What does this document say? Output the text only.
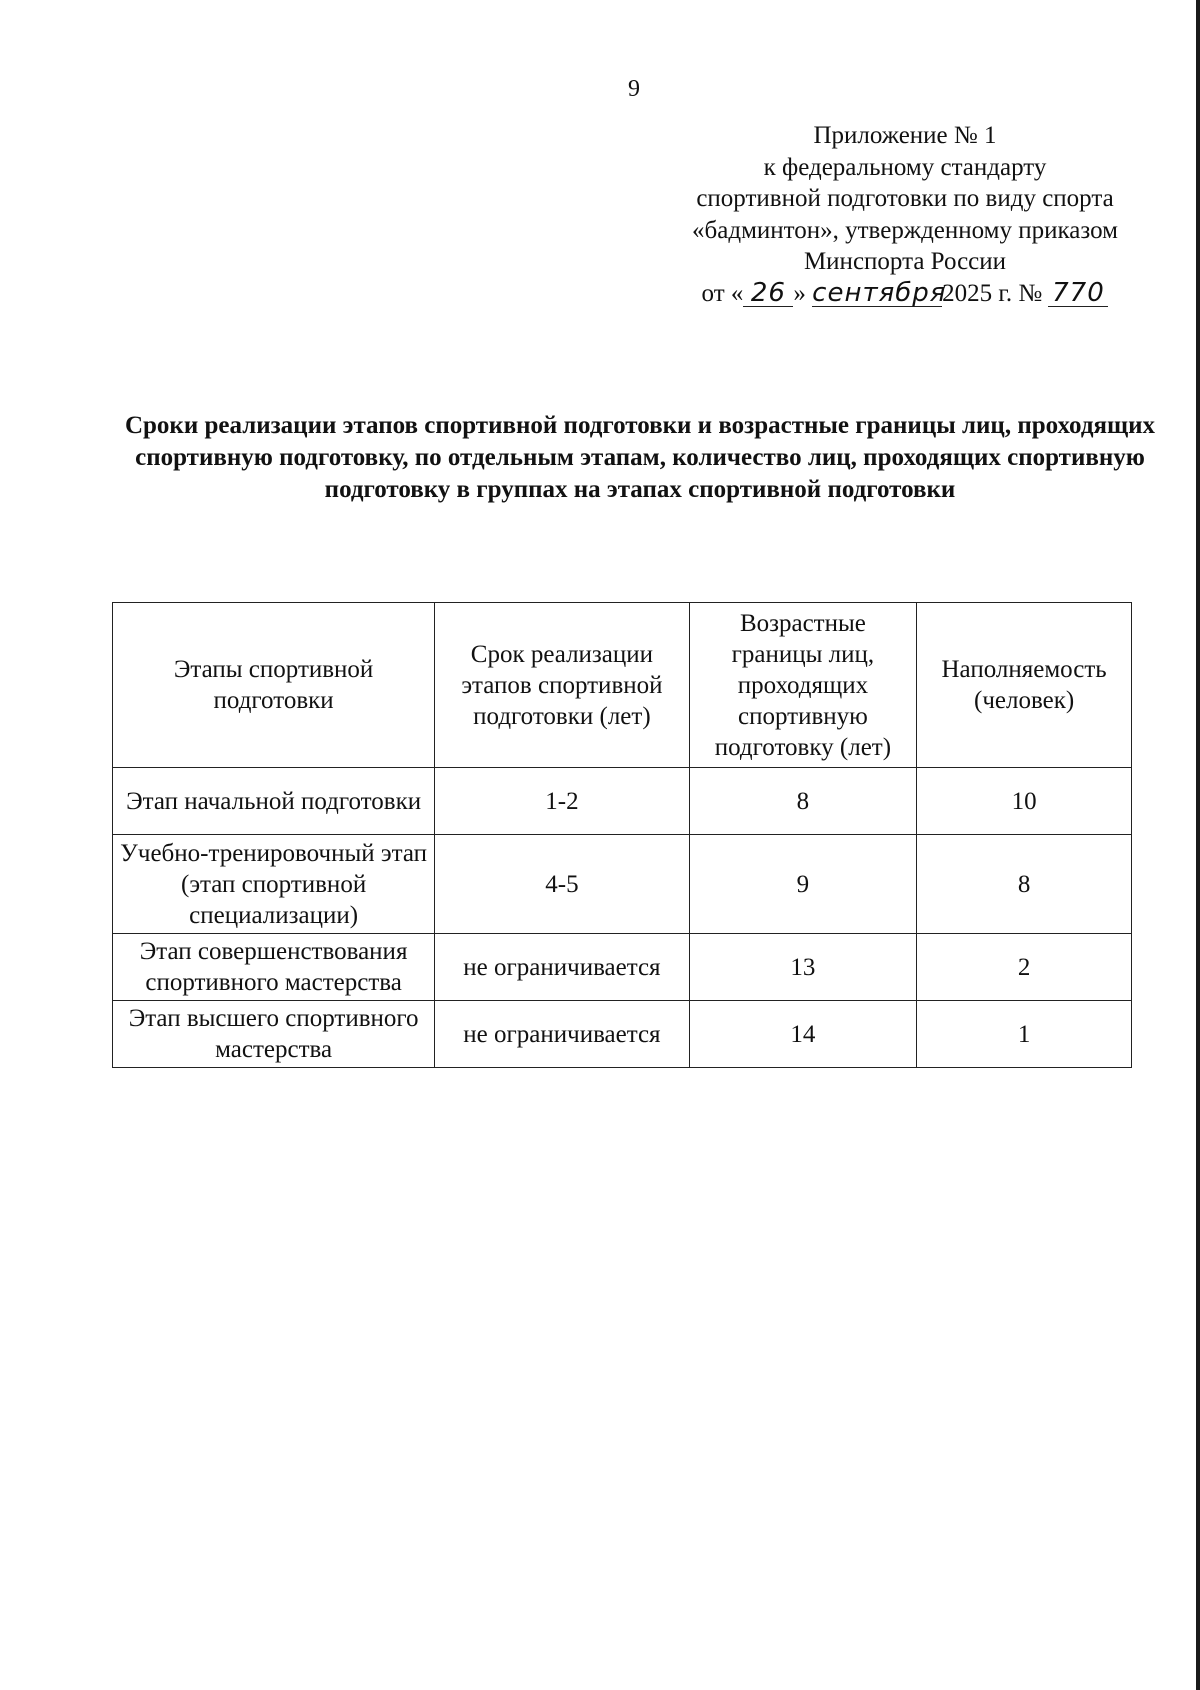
9
Приложение № 1
к федеральному стандарту
спортивной подготовки по виду спорта
«бадминтон», утвержденному приказом
Минспорта России
от « 26 » сентября2025 г. № 770
Сроки реализации этапов спортивной подготовки и возрастные границы лиц, проходящих спортивную подготовку, по отдельным этапам, количество лиц, проходящих спортивную подготовку в группах на этапах спортивной подготовки
Этапы спортивной подготовки	Срок реализации этапов спортивной подготовки (лет)	Возрастные границы лиц, проходящих спортивную подготовку (лет)	Наполняемость (человек)
Этап начальной подготовки	1-2	8	10
Учебно-тренировочный этап (этап спортивной специализации)	4-5	9	8
Этап совершенствования спортивного мастерства	не ограничивается	13	2
Этап высшего спортивного мастерства	не ограничивается	14	1
